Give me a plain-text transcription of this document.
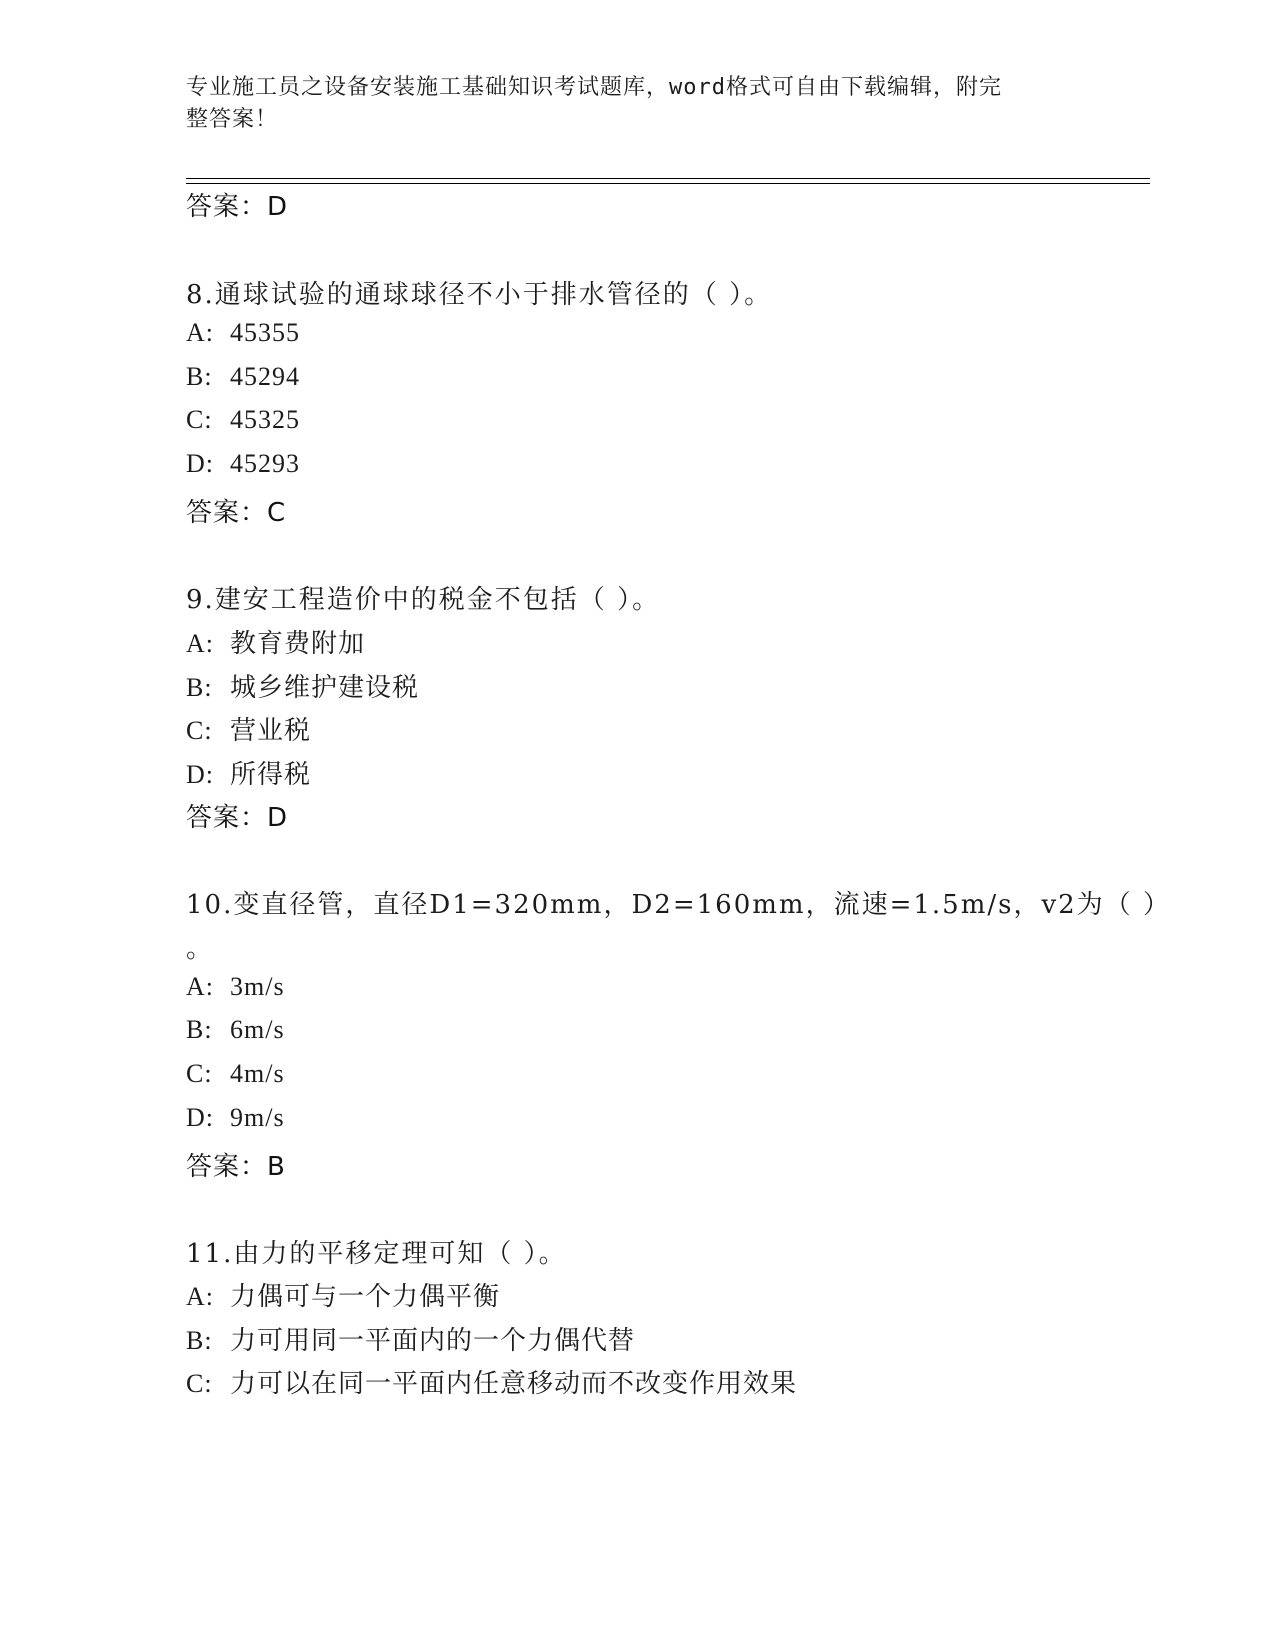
专业施工员之设备安装施工基础知识考试题库，word格式可自由下载编辑，附完
整答案！
答案：D
8.通球试验的通球球径不小于排水管径的（ ）。
A: 45355
B: 45294
C: 45325
D: 45293
答案：C
9.建安工程造价中的税金不包括（ ）。
A: 教育费附加
B: 城乡维护建设税
C: 营业税
D: 所得税
答案：D
10.变直径管，直径D1=320mm，D2=160mm，流速=1.5m/s，v2为（ ）
。
A: 3m/s
B: 6m/s
C: 4m/s
D: 9m/s
答案：B
11.由力的平移定理可知（ ）。
A: 力偶可与一个力偶平衡
B: 力可用同一平面内的一个力偶代替
C: 力可以在同一平面内任意移动而不改变作用效果
